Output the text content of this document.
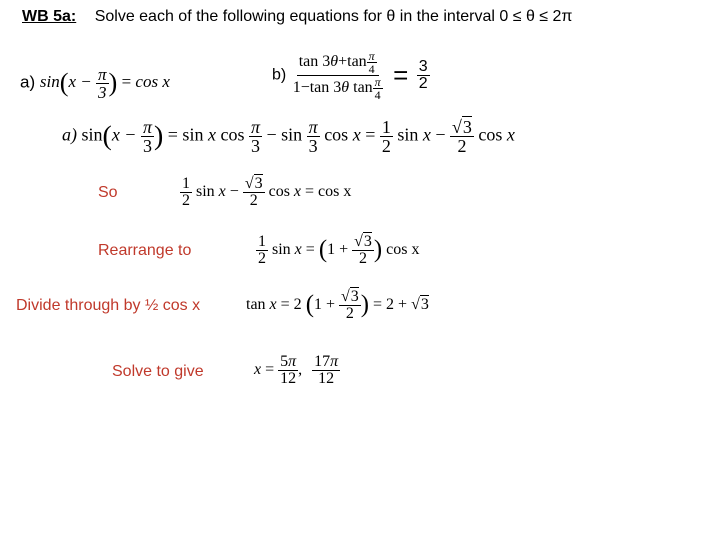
WB 5a: Solve each of the following equations for θ in the interval 0 ≤ θ ≤ 2π
a) $\sin(x - \frac{\pi}{3}$ ) = cos x	$b) \frac{\tan 3\theta+\tan \frac{\pi}{4}}{1-\tan 3\theta \tan \frac{\pi}{4}} = \frac{3}{2}$
a) $\sin(x - \frac{\pi}{3}$ ) = sin x $\cos \frac{\pi}{3} - \sin \frac{\pi}{3}$ $\cos x = \frac{1}{2}$ $\sin x - \frac{√3}{2}$ cos x
So	$\frac{1}{2}$ $\sin x - \frac{√3}{2}$ cos x = cos x
Rearrange to	$\frac{1}{2}$ $\sin x = (1 + \frac{√3}{2}$ ) cos x
Divide through by ½ cos x	tan x = 2 ($1 + \frac{√3}{2}$ ) = 2 + √3
Solve to give	$x = \frac{5\pi}{12}$ , $\frac{17\pi}{12}$
